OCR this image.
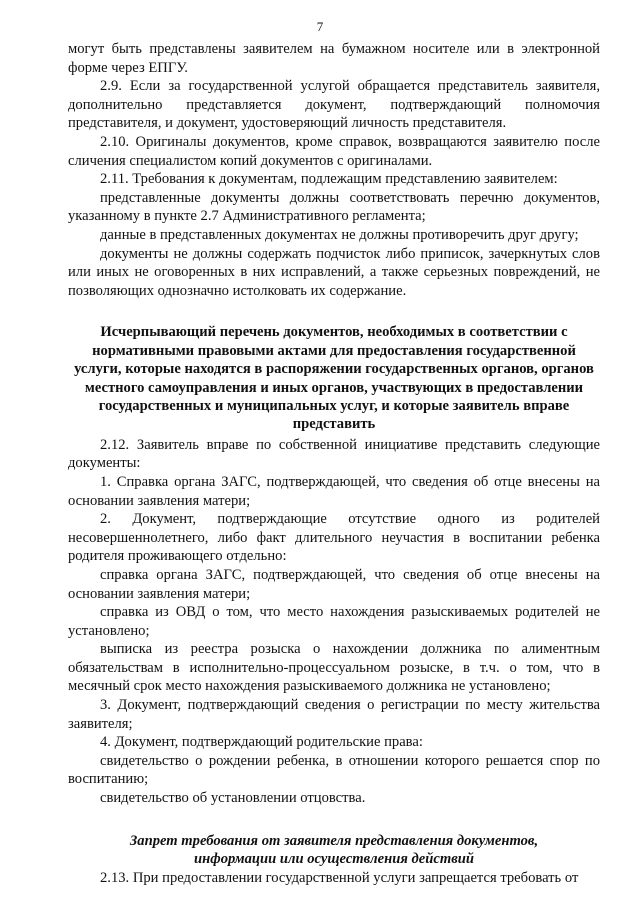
7

могут быть представлены заявителем на бумажном носителе или в электронной форме через ЕПГУ.

2.9. Если за государственной услугой обращается представитель заявителя, дополнительно представляется документ, подтверждающий полномочия представителя, и документ, удостоверяющий личность представителя.

2.10. Оригиналы документов, кроме справок, возвращаются заявителю после сличения специалистом копий документов с оригиналами.

2.11. Требования к документам, подлежащим представлению заявителем:

представленные документы должны соответствовать перечню документов, указанному в пункте 2.7 Административного регламента;

данные в представленных документах не должны противоречить друг другу;

документы не должны содержать подчисток либо приписок, зачеркнутых слов или иных не оговоренных в них исправлений, а также серьезных повреждений, не позволяющих однозначно истолковать их содержание.

Исчерпывающий перечень документов, необходимых в соответствии с нормативными правовыми актами для предоставления государственной услуги, которые находятся в распоряжении государственных органов, органов местного самоуправления и иных органов, участвующих в предоставлении государственных и муниципальных услуг, и которые заявитель вправе представить

2.12. Заявитель вправе по собственной инициативе представить следующие документы:

1. Справка органа ЗАГС, подтверждающей, что сведения об отце внесены на основании заявления матери;

2. Документ, подтверждающие отсутствие одного из родителей несовершеннолетнего, либо факт длительного неучастия в воспитании ребенка родителя проживающего отдельно:

справка органа ЗАГС, подтверждающей, что сведения об отце внесены на основании заявления матери;

справка из ОВД о том, что место нахождения разыскиваемых родителей не установлено;

выписка из реестра розыска о нахождении должника по алиментным обязательствам в исполнительно-процессуальном розыске, в т.ч. о том, что в месячный срок место нахождения разыскиваемого должника не установлено;

3. Документ, подтверждающий сведения о регистрации по месту жительства заявителя;

4. Документ, подтверждающий родительские права:

свидетельство о рождении ребенка, в отношении которого решается спор по воспитанию;

свидетельство об установлении отцовства.

Запрет требования от заявителя представления документов,
информации или осуществления действий

2.13. При предоставлении государственной услуги запрещается требовать от
